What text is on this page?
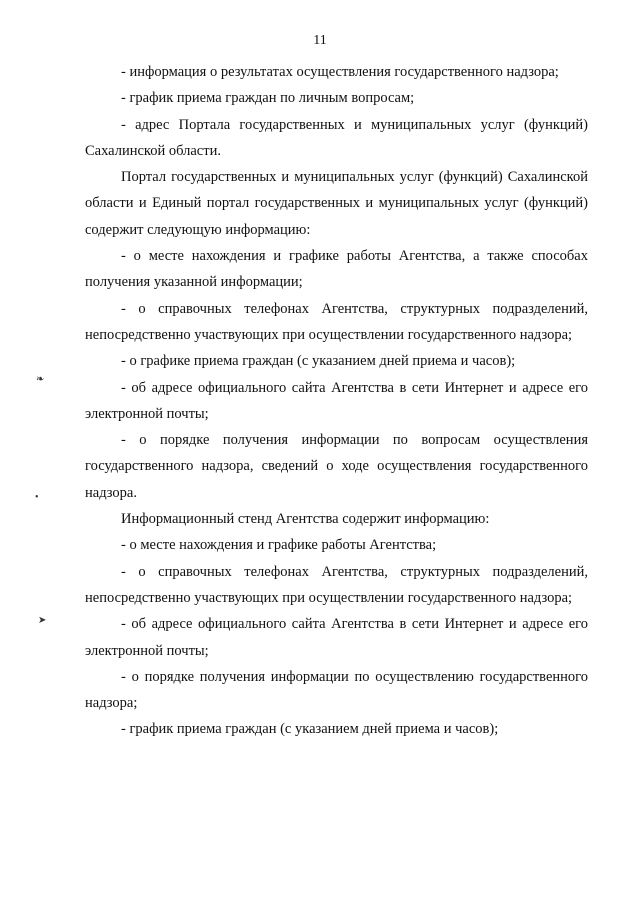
11

- информация о результатах осуществления государственного надзора;

- график приема граждан по личным вопросам;

- адрес Портала государственных и муниципальных услуг (функций) Сахалинской области.

Портал государственных и муниципальных услуг (функций) Сахалинской области и Единый портал государственных и муниципальных услуг (функций) содержит следующую информацию:

- о месте нахождения и графике работы Агентства, а также способах получения указанной информации;

- о справочных телефонах Агентства, структурных подразделений, непосредственно участвующих при осуществлении государственного надзора;

- о графике приема граждан (с указанием дней приема и часов);

- об адресе официального сайта Агентства в сети Интернет и адресе его электронной почты;

- о порядке получения информации по вопросам осуществления государственного надзора, сведений о ходе осуществления государственного надзора.

Информационный стенд Агентства содержит информацию:

- о месте нахождения и графике работы Агентства;

- о справочных телефонах Агентства, структурных подразделений, непосредственно участвующих при осуществлении государственного надзора;

- об адресе официального сайта Агентства в сети Интернет и адресе его электронной почты;

- о порядке получения информации по осуществлению государственного надзора;

- график приема граждан (с указанием дней приема и часов);

❧
•
➤
